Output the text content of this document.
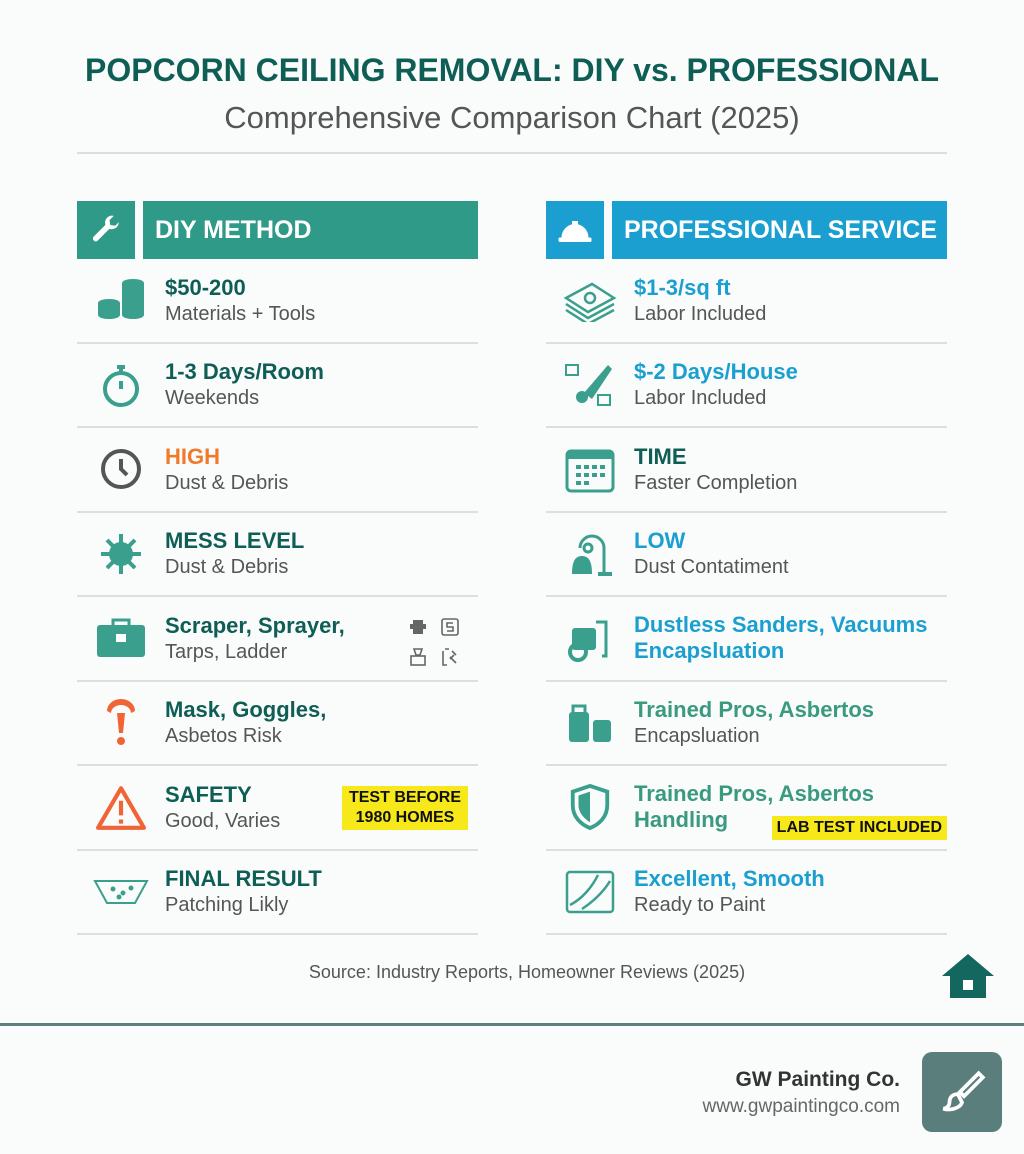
POPCORN CEILING REMOVAL: DIY vs. PROFESSIONAL
Comprehensive Comparison Chart (2025)
DIY METHOD
$50-200
Materials + Tools
1-3 Days/Room
Weekends
HIGH
Dust & Debris
MESS LEVEL
Dust & Debris
Scraper, Sprayer,
Tarps, Ladder
Mask, Goggles,
Asbetos Risk
SAFETY
Good, Varies
TEST BEFORE 1980 HOMES
FINAL RESULT
Patching Likly
PROFESSIONAL SERVICE
$1-3/sq ft
Labor Included
$-2 Days/House
Labor Included
TIME
Faster Completion
LOW
Dust Contatiment
Dustless Sanders, Vacuums
Encapsluation
Trained Pros, Asbertos
Encapsluation
Trained Pros, Asbertos
Handling	LAB TEST INCLUDED
Excellent, Smooth
Ready to Paint
Source: Industry Reports, Homeowner Reviews (2025)
GW Painting Co.
www.gwpaintingco.com
